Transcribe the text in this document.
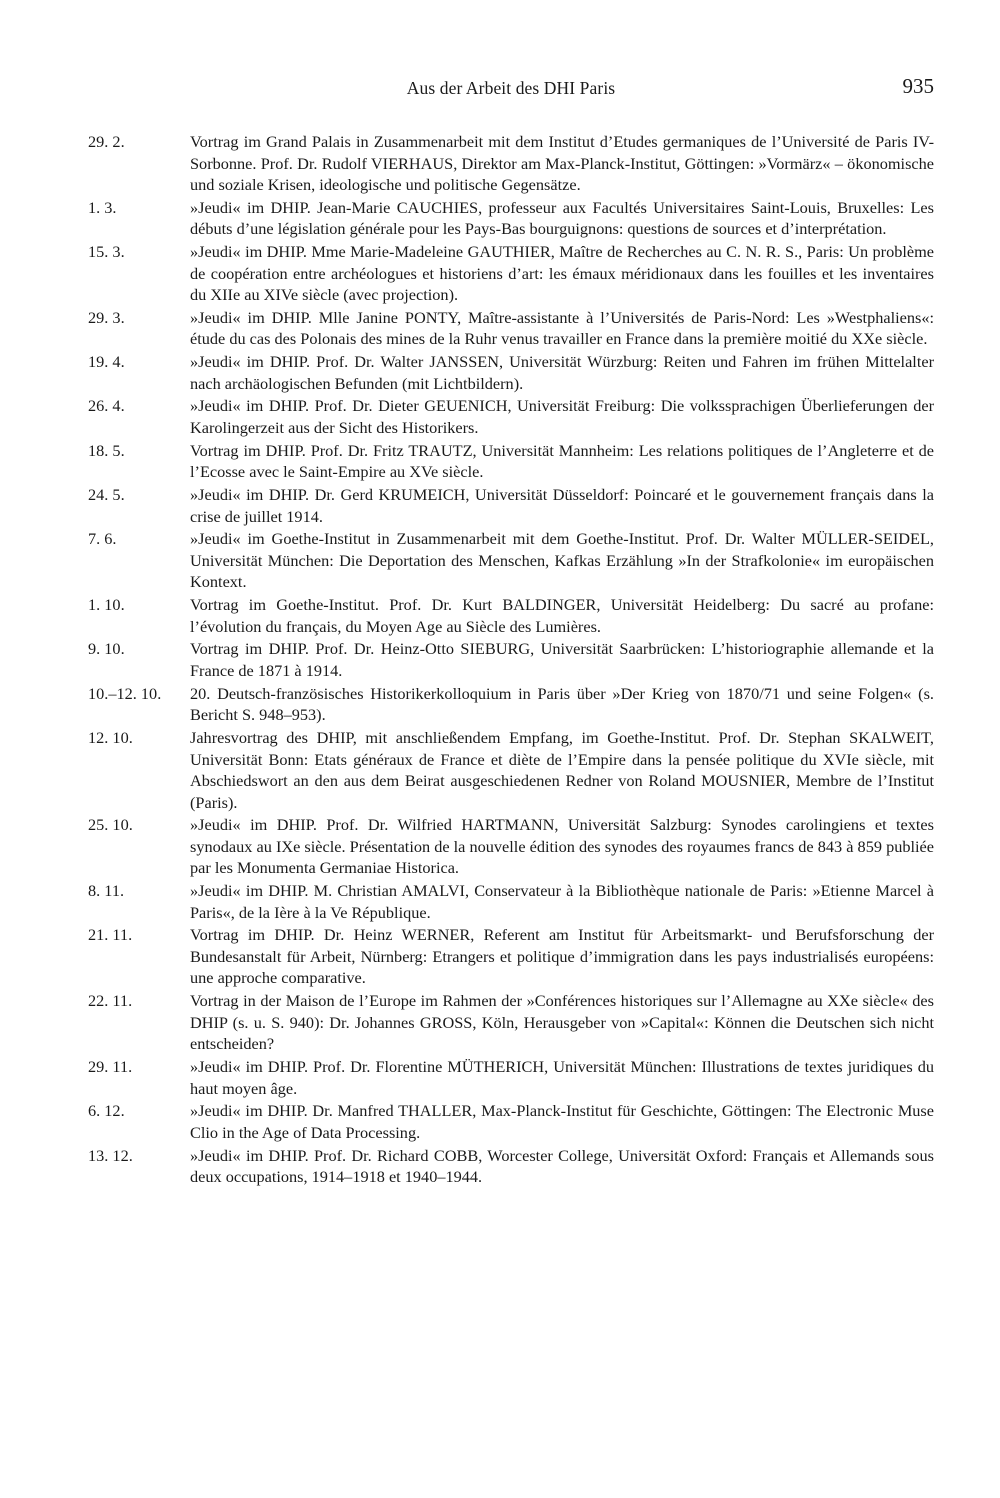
Aus der Arbeit des DHI Paris	935
29. 2.	Vortrag im Grand Palais in Zusammenarbeit mit dem Institut d’Etudes germaniques de l’Université de Paris IV-Sorbonne. Prof. Dr. Rudolf VIERHAUS, Direktor am Max-Planck-Institut, Göttingen: »Vormärz« – ökonomische und soziale Krisen, ideologische und politische Gegensätze.
1. 3.	»Jeudi« im DHIP. Jean-Marie CAUCHIES, professeur aux Facultés Universitaires Saint-Louis, Bruxelles: Les débuts d’une législation générale pour les Pays-Bas bourguignons: questions de sources et d’interprétation.
15. 3.	»Jeudi« im DHIP. Mme Marie-Madeleine GAUTHIER, Maître de Recherches au C. N. R. S., Paris: Un problème de coopération entre archéologues et historiens d’art: les émaux méridionaux dans les fouilles et les inventaires du XIIe au XIVe siècle (avec projection).
29. 3.	»Jeudi« im DHIP. Mlle Janine PONTY, Maître-assistante à l’Universités de Paris-Nord: Les »Westphaliens«: étude du cas des Polonais des mines de la Ruhr venus travailler en France dans la première moitié du XXe siècle.
19. 4.	»Jeudi« im DHIP. Prof. Dr. Walter JANSSEN, Universität Würzburg: Reiten und Fahren im frühen Mittelalter nach archäologischen Befunden (mit Lichtbildern).
26. 4.	»Jeudi« im DHIP. Prof. Dr. Dieter GEUENICH, Universität Freiburg: Die volkssprachigen Überlieferungen der Karolingerzeit aus der Sicht des Historikers.
18. 5.	Vortrag im DHIP. Prof. Dr. Fritz TRAUTZ, Universität Mannheim: Les relations politiques de l’Angleterre et de l’Ecosse avec le Saint-Empire au XVe siècle.
24. 5.	»Jeudi« im DHIP. Dr. Gerd KRUMEICH, Universität Düsseldorf: Poincaré et le gouvernement français dans la crise de juillet 1914.
7. 6.	»Jeudi« im Goethe-Institut in Zusammenarbeit mit dem Goethe-Institut. Prof. Dr. Walter MÜLLER-SEIDEL, Universität München: Die Deportation des Menschen, Kafkas Erzählung »In der Strafkolonie« im europäischen Kontext.
1. 10.	Vortrag im Goethe-Institut. Prof. Dr. Kurt BALDINGER, Universität Heidelberg: Du sacré au profane: l’évolution du français, du Moyen Age au Siècle des Lumières.
9. 10.	Vortrag im DHIP. Prof. Dr. Heinz-Otto SIEBURG, Universität Saarbrücken: L’historiographie allemande et la France de 1871 à 1914.
10.–12. 10.	20. Deutsch-französisches Historikerkolloquium in Paris über »Der Krieg von 1870/71 und seine Folgen« (s. Bericht S. 948–953).
12. 10.	Jahresvortrag des DHIP, mit anschließendem Empfang, im Goethe-Institut. Prof. Dr. Stephan SKALWEIT, Universität Bonn: Etats généraux de France et diète de l’Empire dans la pensée politique du XVIe siècle, mit Abschiedswort an den aus dem Beirat ausgeschiedenen Redner von Roland MOUSNIER, Membre de l’Institut (Paris).
25. 10.	»Jeudi« im DHIP. Prof. Dr. Wilfried HARTMANN, Universität Salzburg: Synodes carolingiens et textes synodaux au IXe siècle. Présentation de la nouvelle édition des synodes des royaumes francs de 843 à 859 publiée par les Monumenta Germaniae Historica.
8. 11.	»Jeudi« im DHIP. M. Christian AMALVI, Conservateur à la Bibliothèque nationale de Paris: »Etienne Marcel à Paris«, de la Ière à la Ve République.
21. 11.	Vortrag im DHIP. Dr. Heinz WERNER, Referent am Institut für Arbeitsmarkt- und Berufsforschung der Bundesanstalt für Arbeit, Nürnberg: Etrangers et politique d’immigration dans les pays industrialisés européens: une approche comparative.
22. 11.	Vortrag in der Maison de l’Europe im Rahmen der »Conférences historiques sur l’Allemagne au XXe siècle« des DHIP (s. u. S. 940): Dr. Johannes GROSS, Köln, Herausgeber von »Capital«: Können die Deutschen sich nicht entscheiden?
29. 11.	»Jeudi« im DHIP. Prof. Dr. Florentine MÜTHERICH, Universität München: Illustrations de textes juridiques du haut moyen âge.
6. 12.	»Jeudi« im DHIP. Dr. Manfred THALLER, Max-Planck-Institut für Geschichte, Göttingen: The Electronic Muse Clio in the Age of Data Processing.
13. 12.	»Jeudi« im DHIP. Prof. Dr. Richard COBB, Worcester College, Universität Oxford: Français et Allemands sous deux occupations, 1914–1918 et 1940–1944.
